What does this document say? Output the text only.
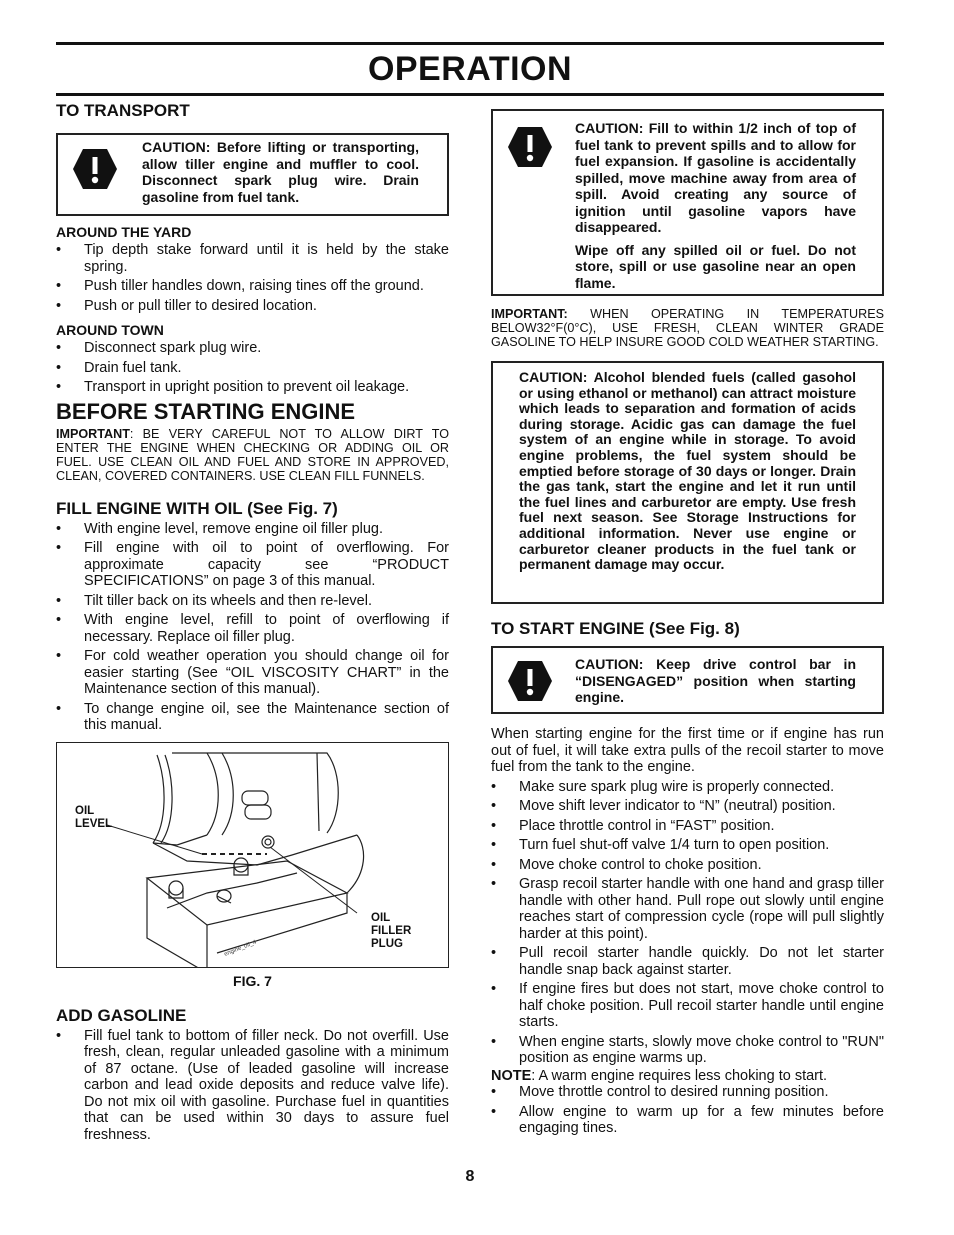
OPERATION
TO TRANSPORT

CAUTION: Before lifting or transporting, allow tiller engine and muffler to cool. Disconnect spark plug wire. Drain gasoline from fuel tank.

AROUND THE YARD
• Tip depth stake forward until it is held by the stake spring.
• Push tiller handles down, raising tines off the ground.
• Push or pull tiller to desired location.
AROUND TOWN
• Disconnect spark plug wire.
• Drain fuel tank.
• Transport in upright position to prevent oil leakage.
BEFORE STARTING ENGINE

IMPORTANT: BE VERY CAREFUL NOT TO ALLOW DIRT TO ENTER THE ENGINE WHEN CHECKING OR ADDING OIL OR FUEL. USE CLEAN OIL AND FUEL AND STORE IN APPROVED, CLEAN, COVERED CONTAINERS. USE CLEAN FILL FUNNELS.

FILL ENGINE WITH OIL (See Fig. 7)
• With engine level, remove engine oil filler plug.
• Fill engine with oil to point of overflowing. For approximate capacity see “PRODUCT SPECIFICATIONS” on page 3 of this manual.
• Tilt tiller back on its wheels and then re-level.
• With engine level, refill to point of overflowing if necessary. Replace oil filler plug.
• For cold weather operation you should change oil for easier starting (See “OIL VISCOSITY CHART” in the Maintenance section of this manual).
• To change engine oil, see the Maintenance section of this manual.
engine_oil_4
OIL
LEVEL
OIL
FILLER
PLUG
FIG. 7
ADD GASOLINE
• Fill fuel tank to bottom of filler neck. Do not overfill. Use fresh, clean, regular unleaded gasoline with a minimum of 87 octane. (Use of leaded gasoline will increase carbon and lead oxide deposits and reduce valve life). Do not mix oil with gasoline. Purchase fuel in quantities that can be used within 30 days to assure fuel freshness.

CAUTION: Fill to within 1/2 inch of top of fuel tank to prevent spills and to allow for fuel expansion. If gasoline is accidentally spilled, move machine away from area of spill. Avoid creating any source of ignition until gasoline vapors have disappeared.

Wipe off any spilled oil or fuel. Do not store, spill or use gasoline near an open flame.

IMPORTANT: WHEN OPERATING IN TEMPERATURES BELOW32°F(0°C), USE FRESH, CLEAN WINTER GRADE GASOLINE TO HELP INSURE GOOD COLD WEATHER STARTING.

CAUTION: Alcohol blended fuels (called gasohol or using ethanol or methanol) can attract moisture which leads to separation and formation of acids during storage. Acidic gas can damage the fuel system of an engine while in storage. To avoid engine problems, the fuel system should be emptied before storage of 30 days or longer. Drain the gas tank, start the engine and let it run until the fuel lines and carburetor are empty. Use fresh fuel next season. See Storage Instructions for additional information. Never use engine or carburetor cleaner products in the fuel tank or permanent damage may occur.

TO START ENGINE (See Fig. 8)

CAUTION: Keep drive control bar in “DISENGAGED” position when starting engine.

When starting engine for the first time or if engine has run out of fuel, it will take extra pulls of the recoil starter to move fuel from the tank to the engine.

• Make sure spark plug wire is properly connected.
• Move shift lever indicator to “N” (neutral) position.
• Place throttle control in “FAST” position.
• Turn fuel shut-off valve 1/4 turn to open position.
• Move choke control to choke position.
• Grasp recoil starter handle with one hand and grasp tiller handle with other hand. Pull rope out slowly until engine reaches start of compression cycle (rope will pull slightly harder at this point).
• Pull recoil starter handle quickly. Do not let starter handle snap back against starter.
• If engine fires but does not start, move choke control to half choke position. Pull recoil starter handle until engine starts.
• When engine starts, slowly move choke control to "RUN" position as engine warms up.

NOTE: A warm engine requires less choking to start.

• Move throttle control to desired running position.
• Allow engine to warm up for a few minutes before engaging tines.
8
